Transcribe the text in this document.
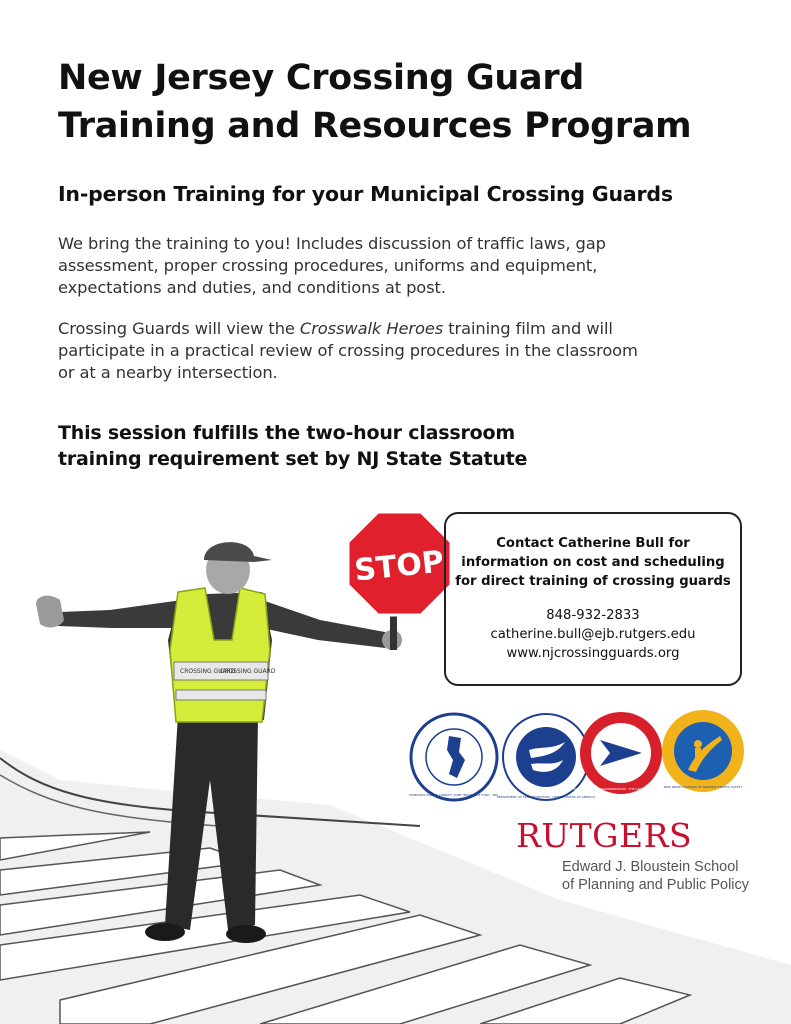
New Jersey Crossing Guard
Training and Resources Program
In-person Training for your Municipal Crossing Guards

We bring the training to you! Includes discussion of traffic laws, gap assessment, proper crossing procedures, uniforms and equipment, expectations and duties, and conditions at post.

Crossing Guards will view the Crosswalk Heroes training film and will participate in a practical review of crossing procedures in the classroom or at a nearby intersection.

This session fulfills the two-hour classroom
training requirement set by NJ State Statute

CROSSING GUARD
CROSSING GUARD
STOP

Contact Catherine Bull for
information on cost and scheduling
for direct training of crossing guards

848-932-2833

catherine.bull@ejb.rutgers.edu

www.njcrossingguards.org

MUNICIPAL EXCESS LIABILITY JOINT INSURANCE FUND · MEL
DEPARTMENT OF TRANSPORTATION · UNITED STATES OF AMERICA
DEPARTMENT OF TRANSPORTATION · THE STATE OF NEW JERSEY
NEW JERSEY DIVISION OF HIGHWAY TRAFFIC SAFETY
RUTGERS
Edward J. Bloustein School
of Planning and Public Policy
